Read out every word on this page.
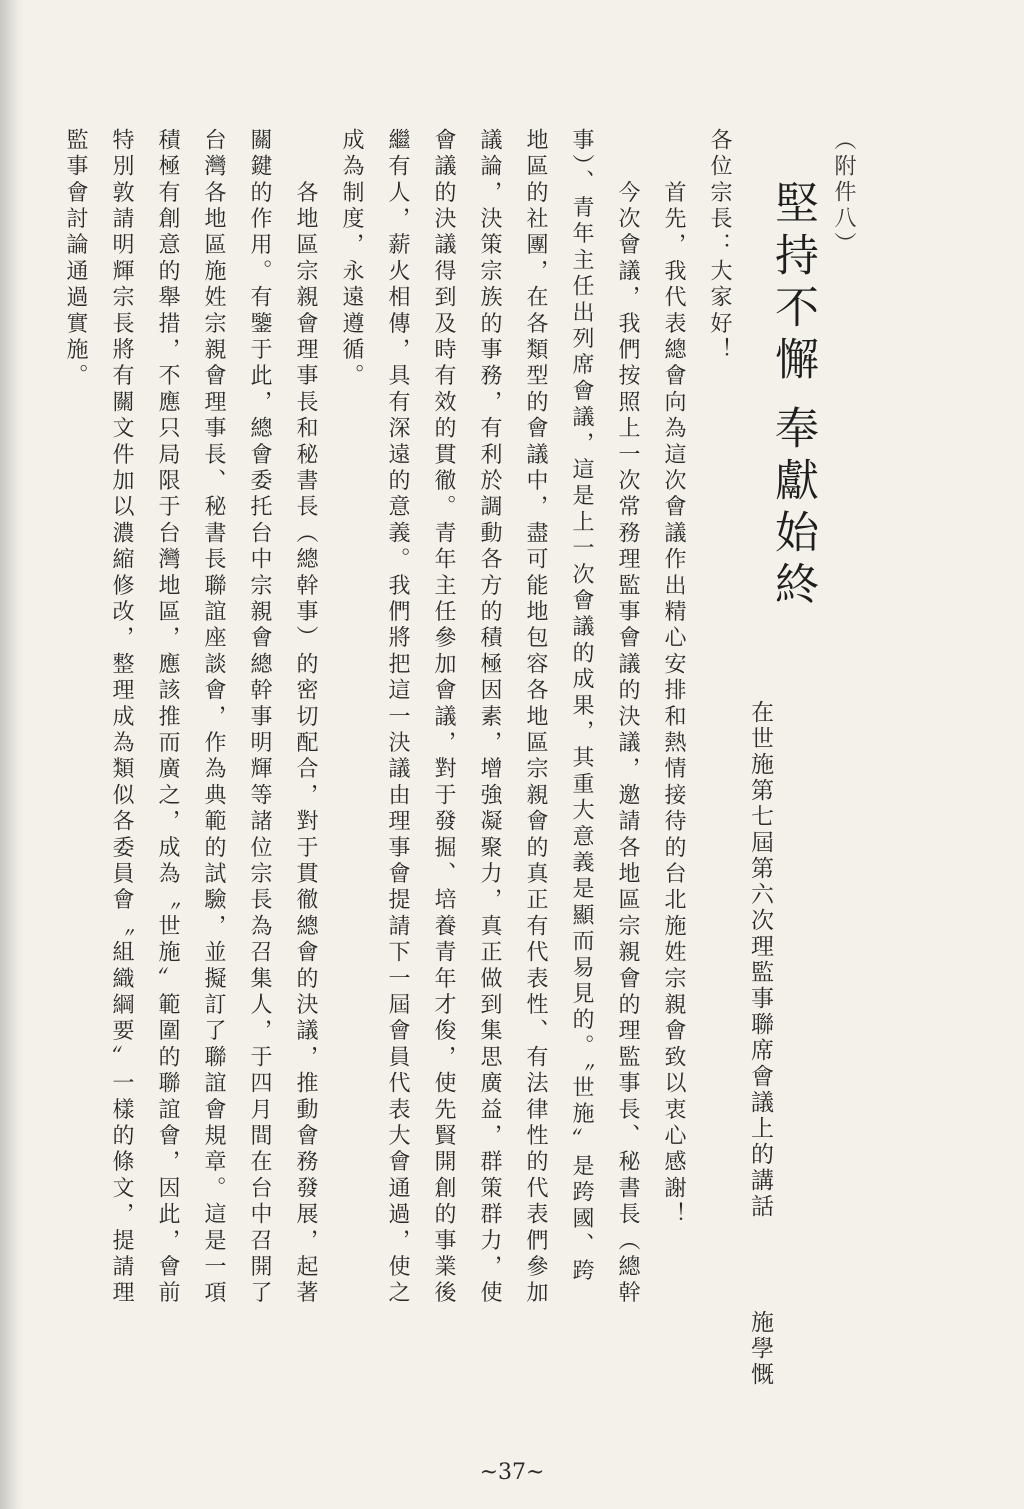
（附件八）
堅持不懈
奉獻始終
在世施第七屆第六次理監事聯席會議上的講話
施學慨
各位宗長：大家好！
　　首先，我代表總會向為這次會議作出精心安排和熱情接待的台北施姓宗親會致以衷心感謝！
　　今次會議，我們按照上一次常務理監事會議的決議，邀請各地區宗親會的理監事長、秘書長（總幹
事）、青年主任出列席會議，這是上一次會議的成果，其重大意義是顯而易見的。〝世施〞是跨國、跨
地區的社團，在各類型的會議中，盡可能地包容各地區宗親會的真正有代表性、有法律性的代表們參加
議論，決策宗族的事務，有利於調動各方的積極因素，增強凝聚力，真正做到集思廣益，群策群力，使
會議的決議得到及時有效的貫徹。青年主任參加會議，對于發掘、培養青年才俊，使先賢開創的事業後
繼有人，薪火相傳，具有深遠的意義。我們將把這一決議由理事會提請下一屆會員代表大會通過，使之
成為制度，永遠遵循。
　　各地區宗親會理事長和秘書長（總幹事）的密切配合，對于貫徹總會的決議，推動會務發展，起著
關鍵的作用。有鑒于此，總會委托台中宗親會總幹事明輝等諸位宗長為召集人，于四月間在台中召開了
台灣各地區施姓宗親會理事長、秘書長聯誼座談會，作為典範的試驗，並擬訂了聯誼會規章。這是一項
積極有創意的舉措，不應只局限于台灣地區，應該推而廣之，成為〝世施〞範圍的聯誼會，因此，會前
特別敦請明輝宗長將有關文件加以濃縮修改，整理成為類似各委員會〝組織綱要〞一樣的條文，提請理
監事會討論通過實施。
~37~
